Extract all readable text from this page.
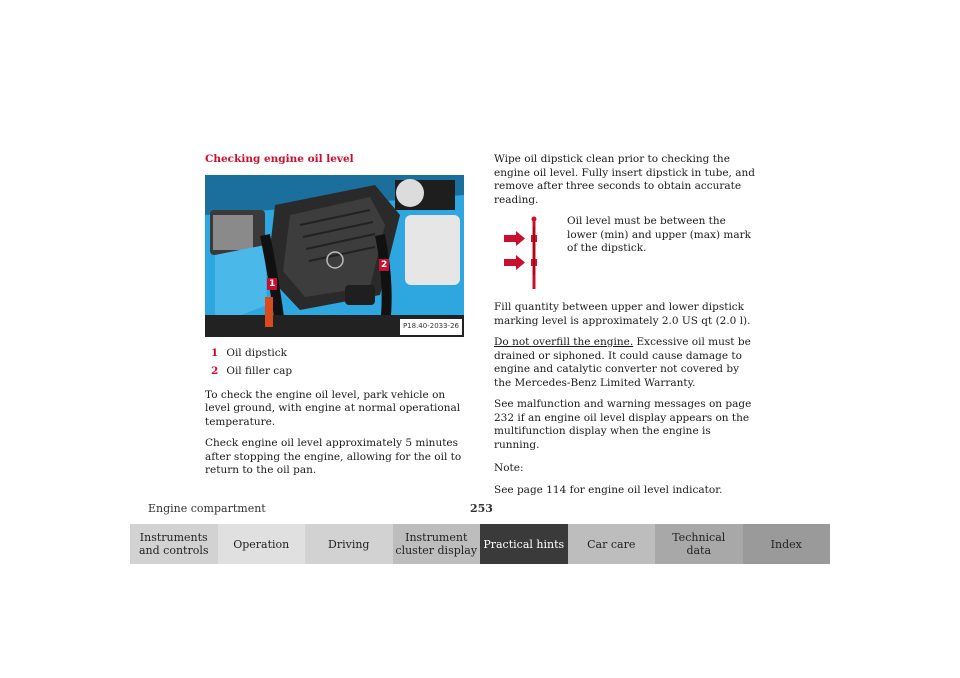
Checking engine oil level
1
2
P18.40-2033-26
1 Oil dipstick
2 Oil filler cap

To check the engine oil level, park vehicle on level ground, with engine at normal operational temperature.

Check engine oil level approximately 5 minutes after stopping the engine, allowing for the oil to return to the oil pan.

Wipe oil dipstick clean prior to checking the engine oil level. Fully insert dipstick in tube, and remove after three seconds to obtain accurate reading.

Oil level must be between the lower (min) and upper (max) mark of the dipstick.

Fill quantity between upper and lower dipstick marking level is approximately 2.0 US qt (2.0 l).

Do not overfill the engine. Excessive oil must be drained or siphoned. It could cause damage to engine and catalytic converter not covered by the Mercedes-Benz Limited Warranty.

See malfunction and warning messages on page 232 if an engine oil level display appears on the multifunction display when the engine is running.

Note:

See page 114 for engine oil level indicator.

Engine compartment	253
Instruments
and controls Operation	Driving	Instrument
cluster display Practical hints Car care	Technical
data	Index
